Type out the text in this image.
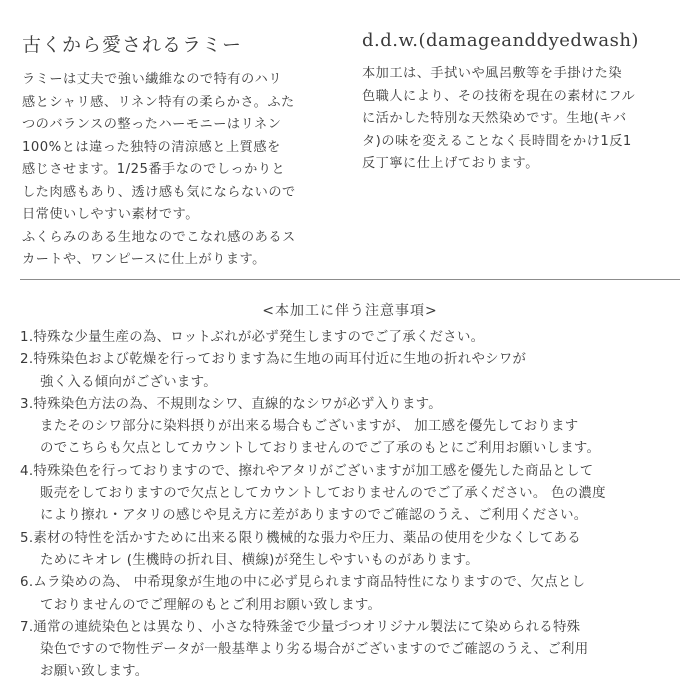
古くから愛されるラミー
ラミーは丈夫で強い繊維なので特有のハリ
感とシャリ感、リネン特有の柔らかさ。ふた
つのバランスの整ったハーモニーはリネン
100%とは違った独特の清涼感と上質感を
感じさせます。1/25番手なのでしっかりと
した肉感もあり、透け感も気にならないので
日常使いしやすい素材です。
ふくらみのある生地なのでこなれ感のあるス
カートや、ワンピースに仕上がります。
d.d.w.(damageanddyedwash)
本加工は、手拭いや風呂敷等を手掛けた染
色職人により、その技術を現在の素材にフル
に活かした特別な天然染めです。生地(キバ
タ)の味を変えることなく長時間をかけ1反1
反丁寧に仕上げております。
<本加工に伴う注意事項>
1.特殊な少量生産の為、ロットぶれが必ず発生しますのでご了承ください。
2.特殊染色および乾燥を行っております為に生地の両耳付近に生地の折れやシワが
強く入る傾向がございます。
3.特殊染色方法の為、不規則なシワ、直線的なシワが必ず入ります。
またそのシワ部分に染料摂りが出来る場合もございますが、 加工感を優先しております
のでこちらも欠点としてカウントしておりませんのでご了承のもとにご利用お願いします。
4.特殊染色を行っておりますので、擦れやアタリがございますが加工感を優先した商品として
販売をしておりますので欠点としてカウントしておりませんのでご了承ください。 色の濃度
により擦れ・アタリの感じや見え方に差がありますのでご確認のうえ、ご利用ください。
5.素材の特性を活かすために出来る限り機械的な張力や圧力、薬品の使用を少なくしてある
ためにキオレ (生機時の折れ目、横線)が発生しやすいものがあります。
6.ムラ染めの為、 中希現象が生地の中に必ず見られます商品特性になりますので、欠点とし
ておりませんのでご理解のもとご利用お願い致します。
7.通常の連続染色とは異なり、小さな特殊釜で少量づつオリジナル製法にて染められる特殊
染色ですので物性データが一般基準より劣る場合がございますのでご確認のうえ、ご利用
お願い致します。
